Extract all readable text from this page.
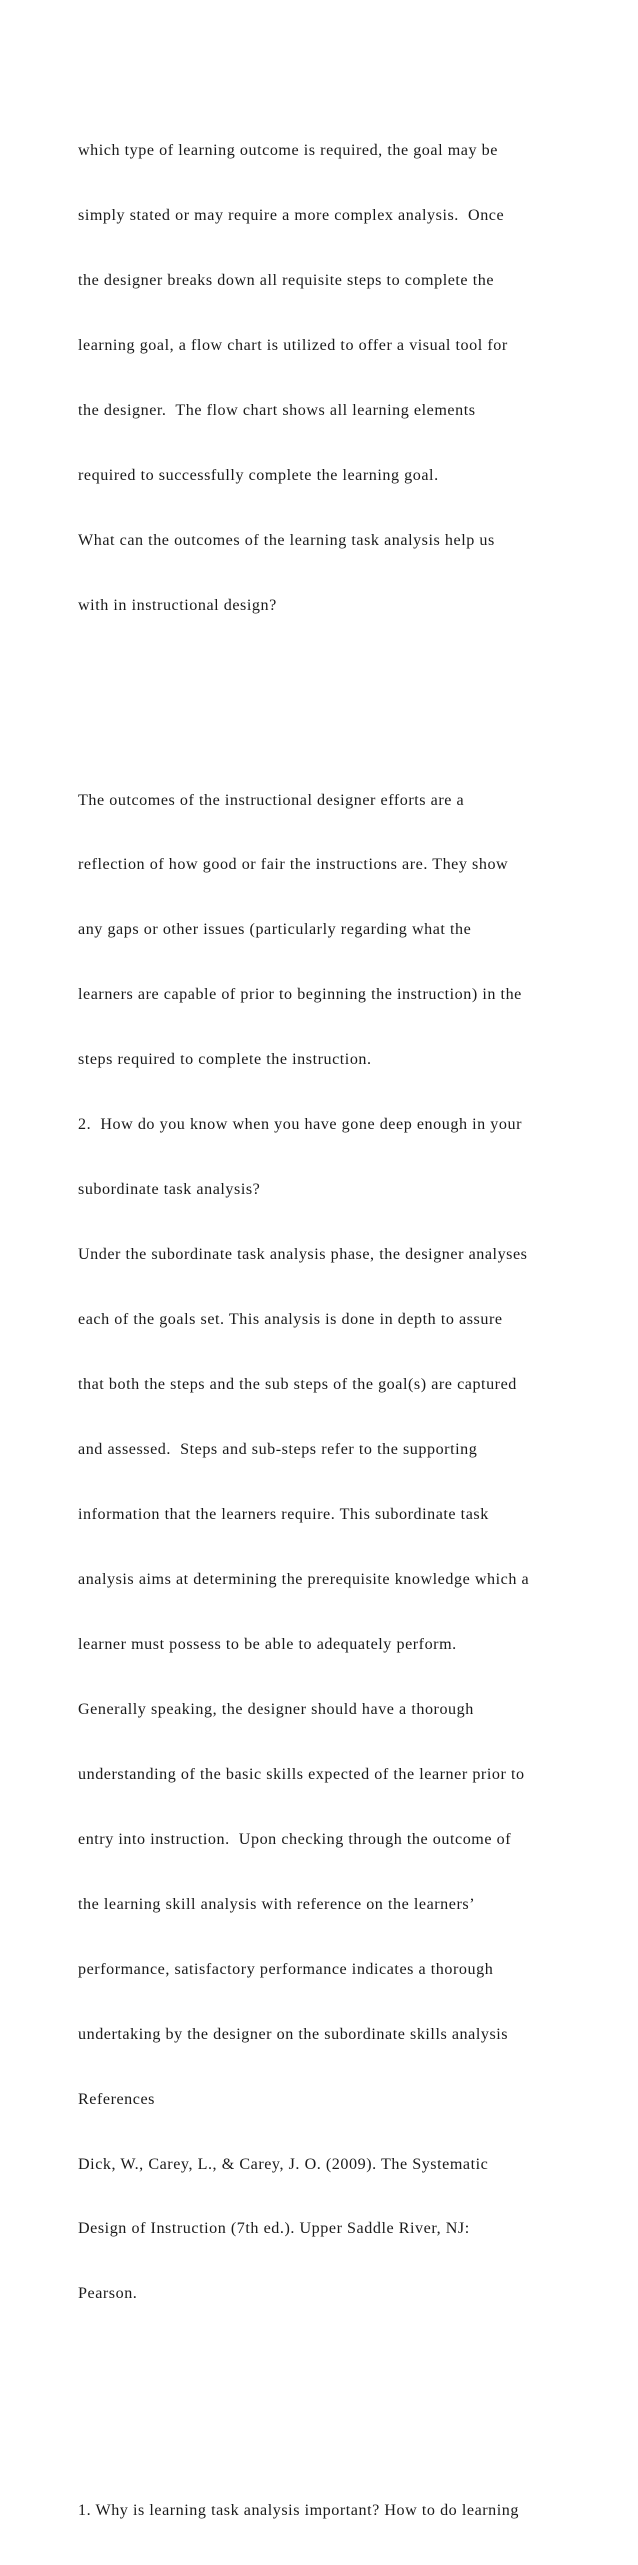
which type of learning outcome is required, the goal may be

simply stated or may require a more complex analysis.  Once

the designer breaks down all requisite steps to complete the

learning goal, a flow chart is utilized to offer a visual tool for

the designer.  The flow chart shows all learning elements

required to successfully complete the learning goal.

What can the outcomes of the learning task analysis help us

with in instructional design?

The outcomes of the instructional designer efforts are a

reflection of how good or fair the instructions are. They show

any gaps or other issues (particularly regarding what the

learners are capable of prior to beginning the instruction) in the

steps required to complete the instruction.

2.  How do you know when you have gone deep enough in your

subordinate task analysis?

Under the subordinate task analysis phase, the designer analyses

each of the goals set. This analysis is done in depth to assure

that both the steps and the sub steps of the goal(s) are captured

and assessed.  Steps and sub-steps refer to the supporting

information that the learners require. This subordinate task

analysis aims at determining the prerequisite knowledge which a

learner must possess to be able to adequately perform.

Generally speaking, the designer should have a thorough

understanding of the basic skills expected of the learner prior to

entry into instruction.  Upon checking through the outcome of

the learning skill analysis with reference on the learners’

performance, satisfactory performance indicates a thorough

undertaking by the designer on the subordinate skills analysis

References

Dick, W., Carey, L., & Carey, J. O. (2009). The Systematic

Design of Instruction (7th ed.). Upper Saddle River, NJ:

Pearson.

1. Why is learning task analysis important? How to do learning
